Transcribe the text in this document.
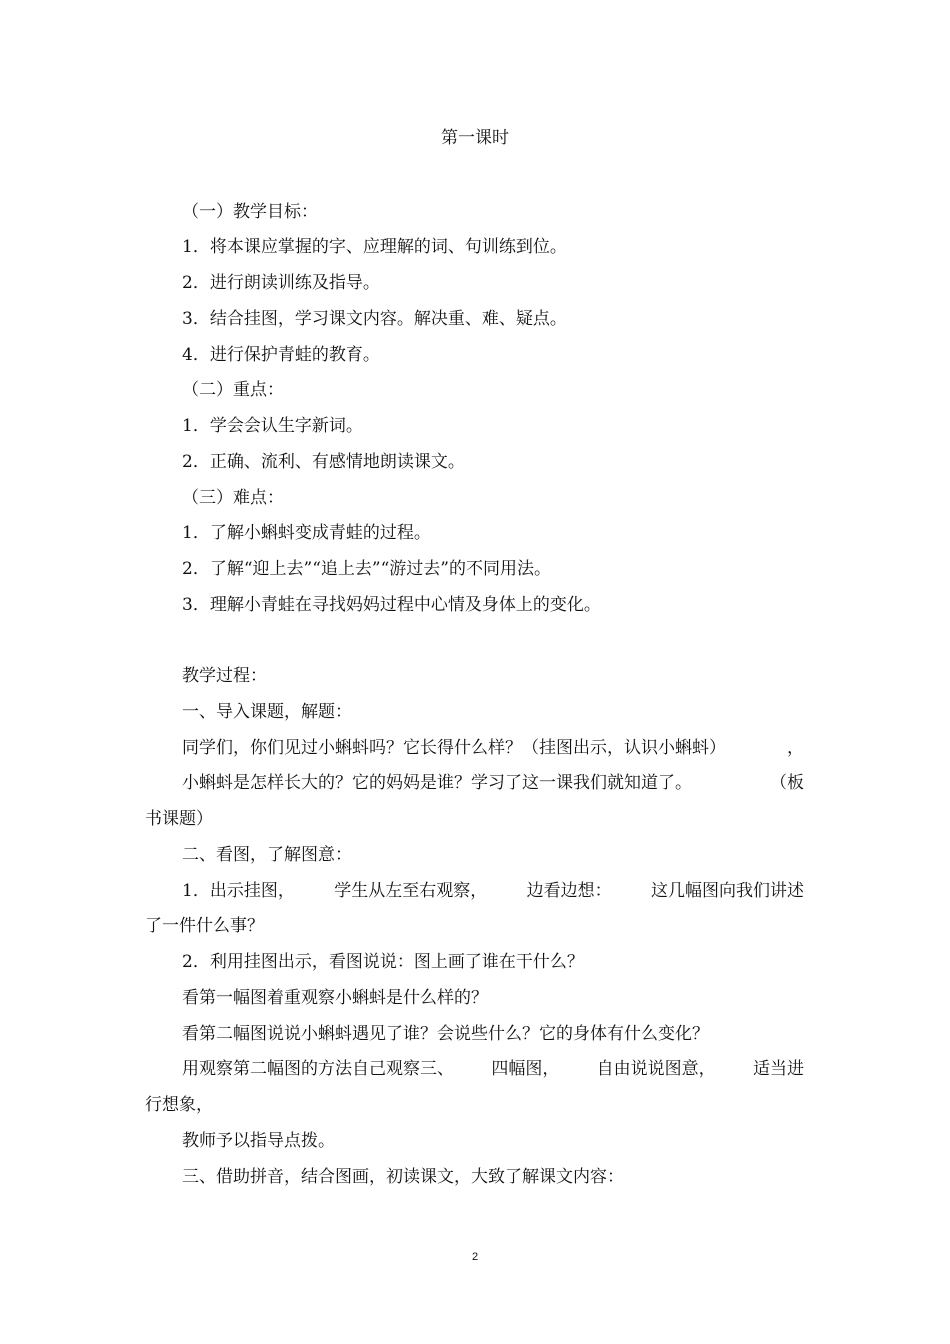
第一课时
（一）教学目标：
1．将本课应掌握的字、应理解的词、句训练到位。
2．进行朗读训练及指导。
3．结合挂图，学习课文内容。解决重、难、疑点。
4．进行保护青蛙的教育。
（二）重点：
1．学会会认生字新词。
2．正确、流利、有感情地朗读课文。
（三）难点：
1．了解小蝌蚪变成青蛙的过程。
2．了解“迎上去”“追上去”“游过去”的不同用法。
3．理解小青蛙在寻找妈妈过程中心情及身体上的变化。
教学过程：
一、导入课题，解题：
同学们，你们见过小蝌蚪吗？它长得什么样？（挂图出示，认识小蝌蚪）	，
小蝌蚪是怎样长大的？它的妈妈是谁？学习了这一课我们就知道了。	（板
书课题）
二、看图，了解图意：
1．出示挂图， 学生从左至右观察， 边看边想： 这几幅图向我们讲述
了一件什么事？
2．利用挂图出示，看图说说：图上画了谁在干什么？
看第一幅图着重观察小蝌蚪是什么样的？
看第二幅图说说小蝌蚪遇见了谁？会说些什么？它的身体有什么变化？
用观察第二幅图的方法自己观察三、 四幅图， 自由说说图意， 适当进
行想象，
教师予以指导点拨。
三、借助拼音，结合图画，初读课文，大致了解课文内容：
2
